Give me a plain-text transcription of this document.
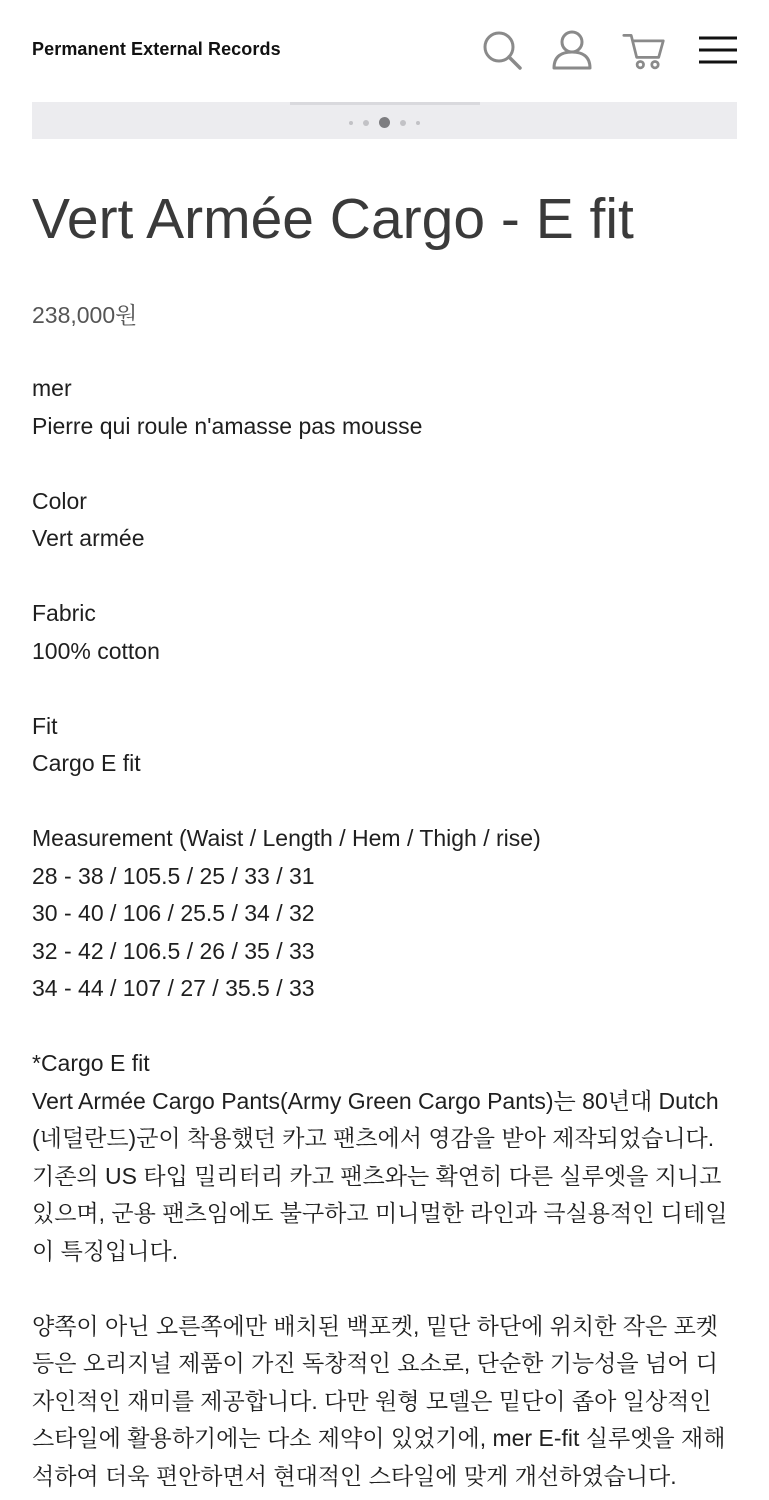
Permanent External Records
Vert Armée Cargo - E fit
238,000원
mer
Pierre qui roule n'amasse pas mousse
Color
Vert armée
Fabric
100% cotton
Fit
Cargo E fit
Measurement (Waist / Length / Hem / Thigh / rise)
28 - 38 / 105.5 / 25 / 33 / 31
30 - 40 / 106 / 25.5 / 34 / 32
32 - 42 / 106.5 / 26 / 35 / 33
34 - 44 / 107 / 27 / 35.5 / 33
*Cargo E fit
Vert Armée Cargo Pants(Army Green Cargo Pants)는 80년대 Dutch(네덜란드)군이 착용했던 카고 팬츠에서 영감을 받아 제작되었습니다. 기존의 US 타입 밀리터리 카고 팬츠와는 확연히 다른 실루엣을 지니고 있으며, 군용 팬츠임에도 불구하고 미니멀한 라인과 극실용적인 디테일이 특징입니다.
양쪽이 아닌 오른쪽에만 배치된 백포켓, 밑단 하단에 위치한 작은 포켓 등은 오리지널 제품이 가진 독창적인 요소로, 단순한 기능성을 넘어 디자인적인 재미를 제공합니다. 다만 원형 모델은 밑단이 좁아 일상적인 스타일에 활용하기에는 다소 제약이 있었기에, mer E-fit 실루엣을 재해석하여 더욱 편안하면서 현대적인 스타일에 맞게 개선하였습니다.
